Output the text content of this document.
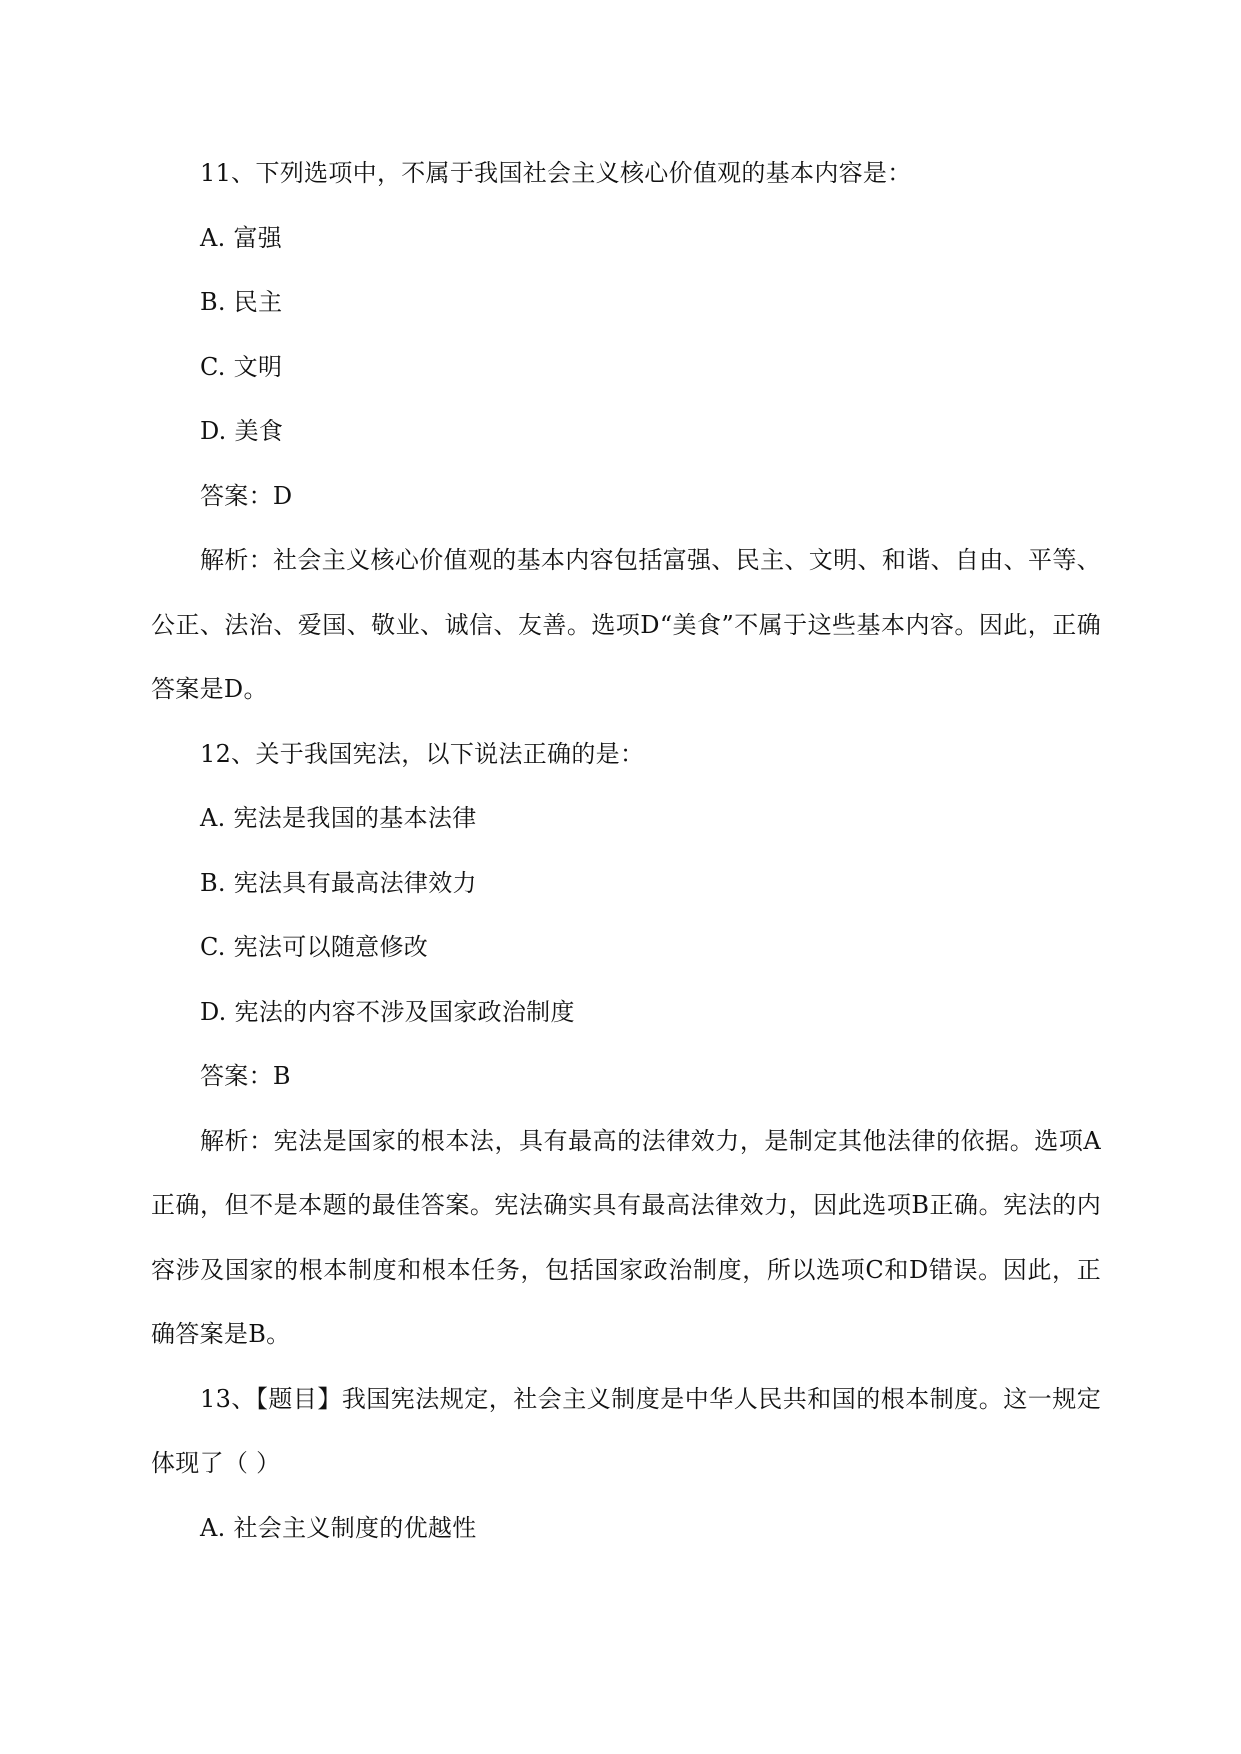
11、下列选项中，不属于我国社会主义核心价值观的基本内容是：
A. 富强
B. 民主
C. 文明
D. 美食
答案：D
解析：社会主义核心价值观的基本内容包括富强、民主、文明、和谐、自由、平等、公正、法治、爱国、敬业、诚信、友善。选项D“美食”不属于这些基本内容。因此，正确答案是D。
12、关于我国宪法，以下说法正确的是：
A. 宪法是我国的基本法律
B. 宪法具有最高法律效力
C. 宪法可以随意修改
D. 宪法的内容不涉及国家政治制度
答案：B
解析：宪法是国家的根本法，具有最高的法律效力，是制定其他法律的依据。选项A正确，但不是本题的最佳答案。宪法确实具有最高法律效力，因此选项B正确。宪法的内容涉及国家的根本制度和根本任务，包括国家政治制度，所以选项C和D错误。因此，正确答案是B。
13、【题目】我国宪法规定，社会主义制度是中华人民共和国的根本制度。这一规定体现了（ ）
A. 社会主义制度的优越性
